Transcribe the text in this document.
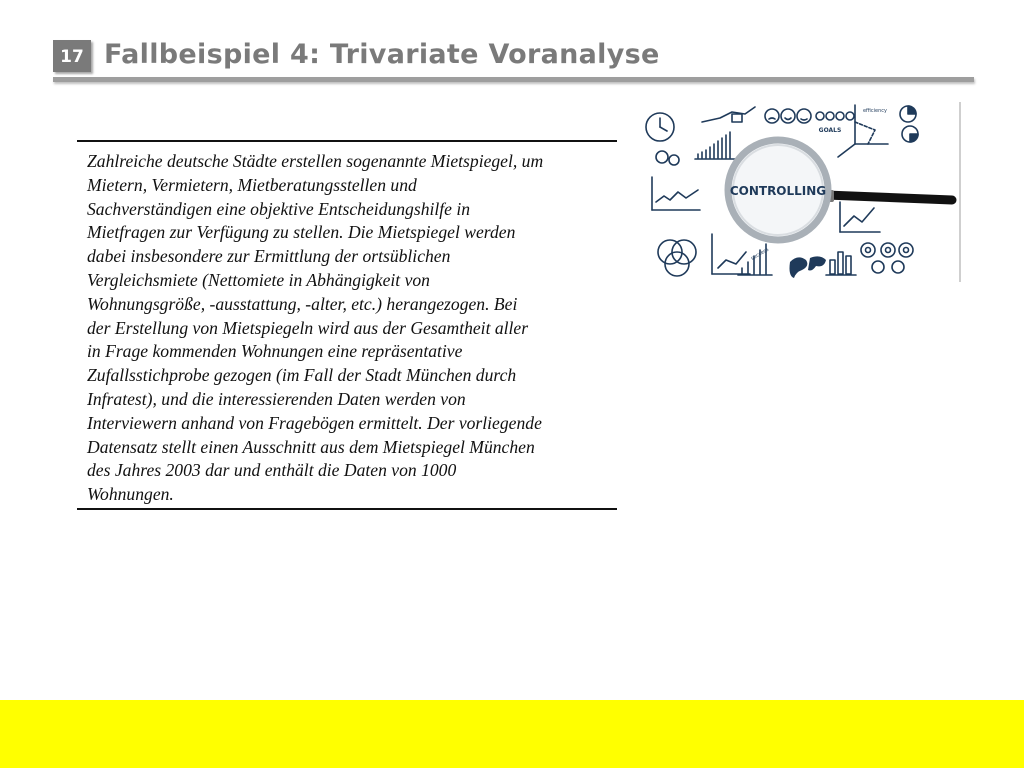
17 Fallbeispiel 4: Trivariate Voranalyse
Zahlreiche deutsche Städte erstellen sogenannte Mietspiegel, um
Mietern, Vermietern, Mietberatungsstellen und
Sachverständigen eine objektive Entscheidungshilfe in
Mietfragen zur Verfügung zu stellen. Die Mietspiegel werden
dabei insbesondere zur Ermittlung der ortsüblichen
Vergleichsmiete (Nettomiete in Abhängigkeit von
Wohnungsgröße, -ausstattung, -alter, etc.) herangezogen. Bei
der Erstellung von Mietspiegeln wird aus der Gesamtheit aller
in Frage kommenden Wohnungen eine repräsentative
Zufallsstichprobe gezogen (im Fall der Stadt München durch
Infratest), und die interessierenden Daten werden von
Interviewern anhand von Fragebögen ermittelt. Der vorliegende
Datensatz stellt einen Ausschnitt aus dem Mietspiegel München
des Jahres 2003 dar und enthält die Daten von 1000
Wohnungen.
CONTROLLING
GOALS
efficiency
success
